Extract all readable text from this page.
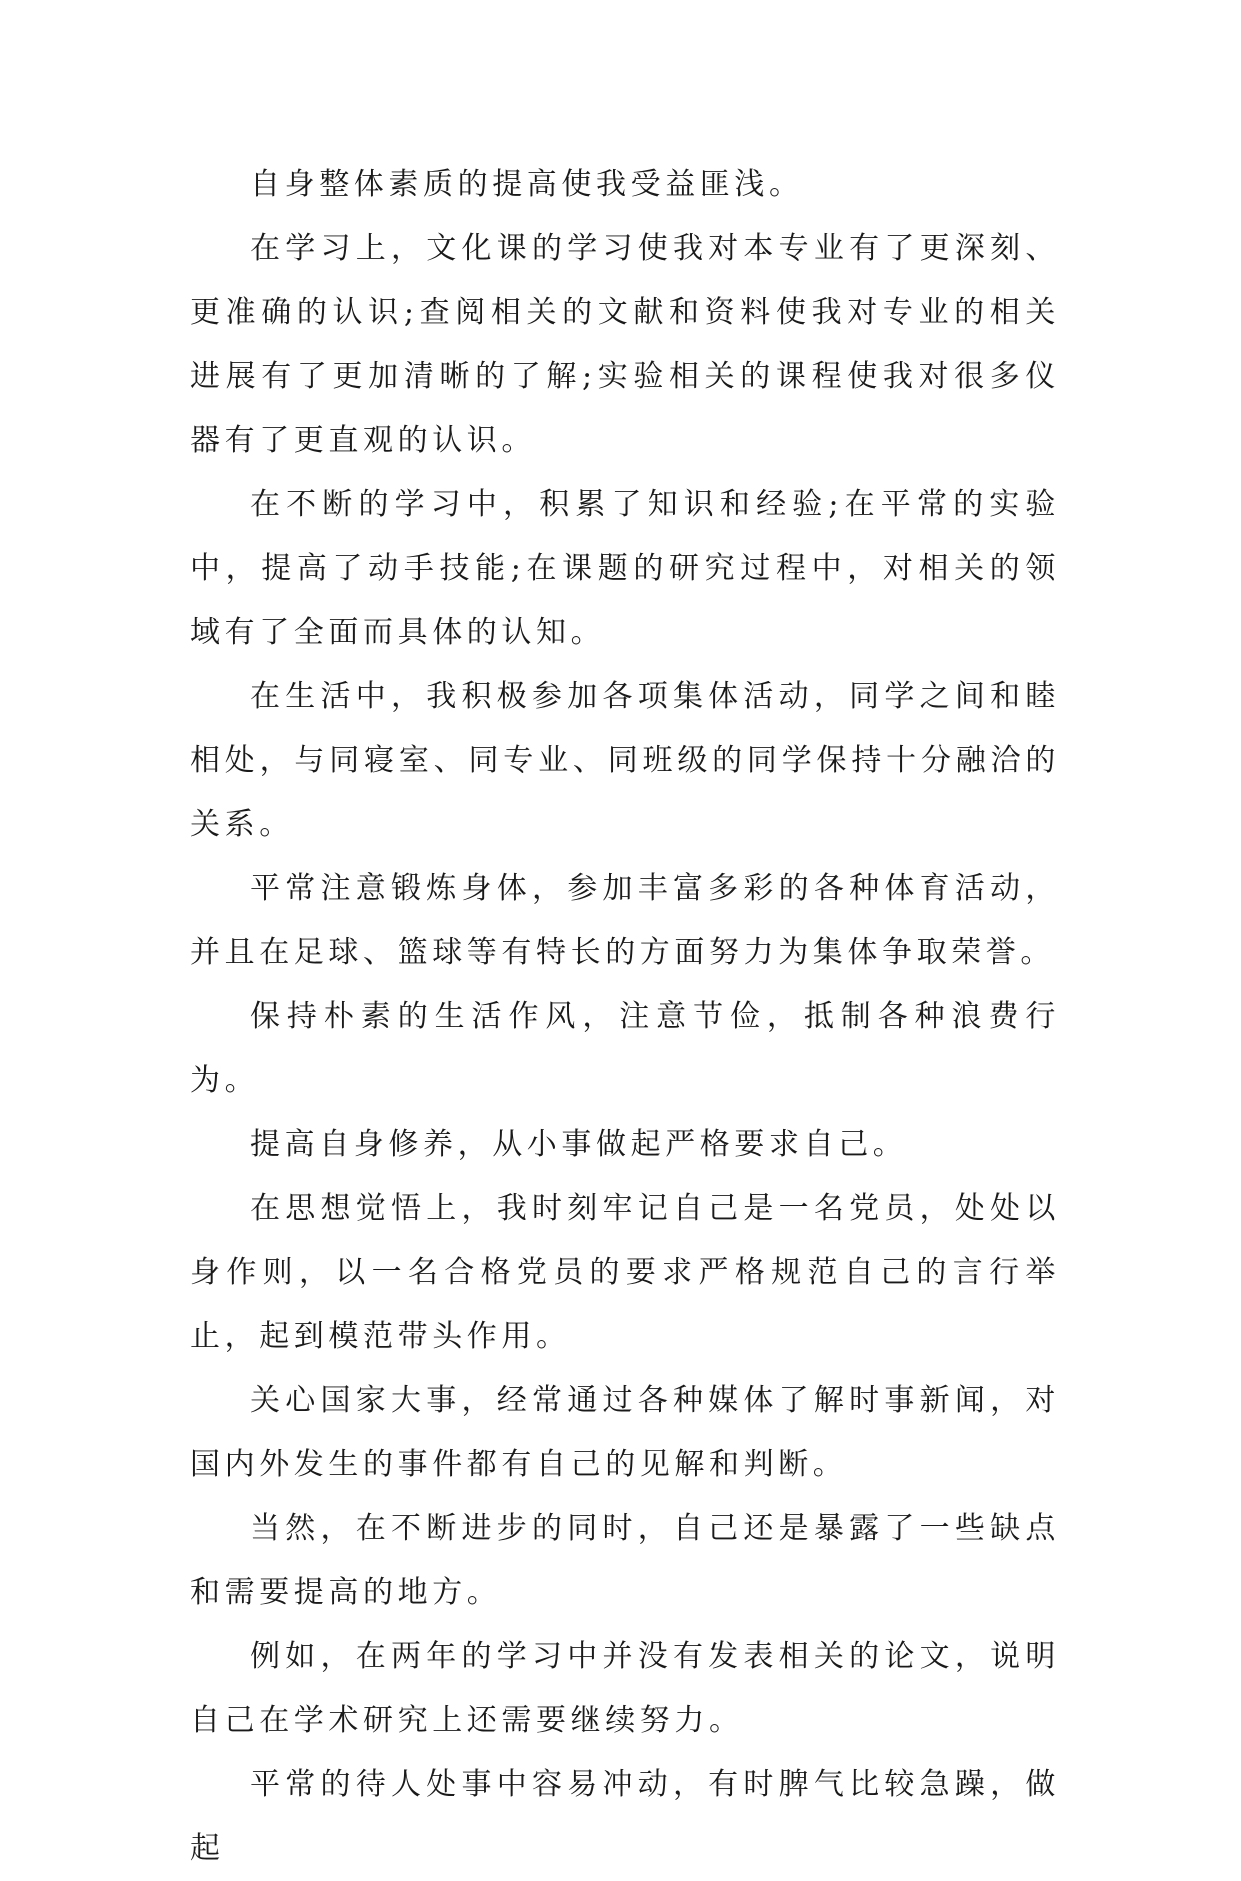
自身整体素质的提高使我受益匪浅。

在学习上，文化课的学习使我对本专业有了更深刻、更准确的认识;查阅相关的文献和资料使我对专业的相关进展有了更加清晰的了解;实验相关的课程使我对很多仪器有了更直观的认识。

在不断的学习中，积累了知识和经验;在平常的实验中，提高了动手技能;在课题的研究过程中，对相关的领域有了全面而具体的认知。

在生活中，我积极参加各项集体活动，同学之间和睦相处，与同寝室、同专业、同班级的同学保持十分融洽的关系。

平常注意锻炼身体，参加丰富多彩的各种体育活动，并且在足球、篮球等有特长的方面努力为集体争取荣誉。

保持朴素的生活作风，注意节俭，抵制各种浪费行为。

提高自身修养，从小事做起严格要求自己。

在思想觉悟上，我时刻牢记自己是一名党员，处处以身作则，以一名合格党员的要求严格规范自己的言行举止，起到模范带头作用。

关心国家大事，经常通过各种媒体了解时事新闻，对国内外发生的事件都有自己的见解和判断。

当然，在不断进步的同时，自己还是暴露了一些缺点和需要提高的地方。

例如，在两年的学习中并没有发表相关的论文，说明自己在学术研究上还需要继续努力。

平常的待人处事中容易冲动，有时脾气比较急躁，做起
